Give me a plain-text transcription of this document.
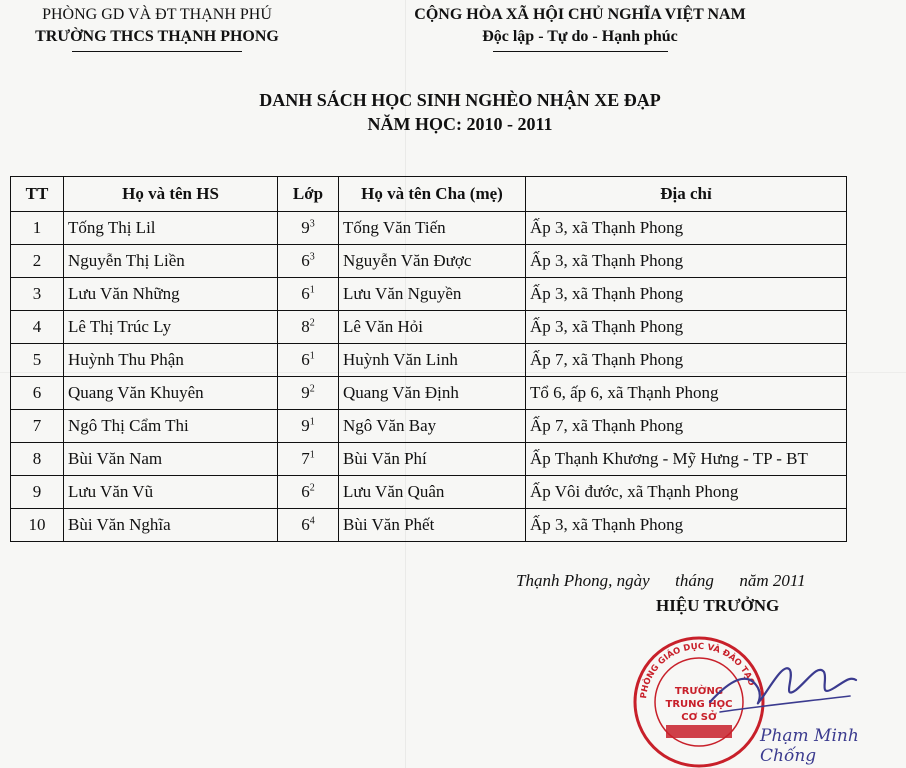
PHÒNG GD VÀ ĐT THẠNH PHÚ
TRƯỜNG THCS THẠNH PHONG
CỘNG HÒA XÃ HỘI CHỦ NGHĨA VIỆT NAM
Độc lập - Tự do - Hạnh phúc
DANH SÁCH HỌC SINH NGHÈO NHẬN XE ĐẠP
NĂM HỌC: 2010 - 2011
TT	Họ và tên HS	Lớp	Họ và tên Cha (mẹ)	Địa chỉ
1	Tống Thị Lil	$9^3$	Tống Văn Tiến	Ấp 3, xã Thạnh Phong
2	Nguyễn Thị Liền	$6^3$	Nguyễn Văn Được	Ấp 3, xã Thạnh Phong
3	Lưu Văn Những	$6^1$	Lưu Văn Nguyền	Ấp 3, xã Thạnh Phong
4	Lê Thị Trúc Ly	$8^2$	Lê Văn Hỏi	Ấp 3, xã Thạnh Phong
5	Huỳnh Thu Phận	$6^1$	Huỳnh Văn Linh	Ấp 7, xã Thạnh Phong
6	Quang Văn Khuyên	$9^2$	Quang Văn Định	Tổ 6, ấp 6, xã Thạnh Phong
7	Ngô Thị Cẩm Thi	$9^1$	Ngô Văn Bay	Ấp 7, xã Thạnh Phong
8	Bùi Văn Nam	$7^1$	Bùi Văn Phí	Ấp Thạnh Khương - Mỹ Hưng - TP - BT
9	Lưu Văn Vũ	$6^2$	Lưu Văn Quân	Ấp Vôi đước, xã Thạnh Phong
10	Bùi Văn Nghĩa	$6^4$	Bùi Văn Phết	Ấp 3, xã Thạnh Phong
Thạnh Phong, ngày      tháng      năm 2011
HIỆU TRƯỞNG
PHÒNG GIÁO DỤC VÀ ĐÀO TẠO
TRƯỜNG
TRUNG HỌC
CƠ SỞ
Phạm Minh Chống
